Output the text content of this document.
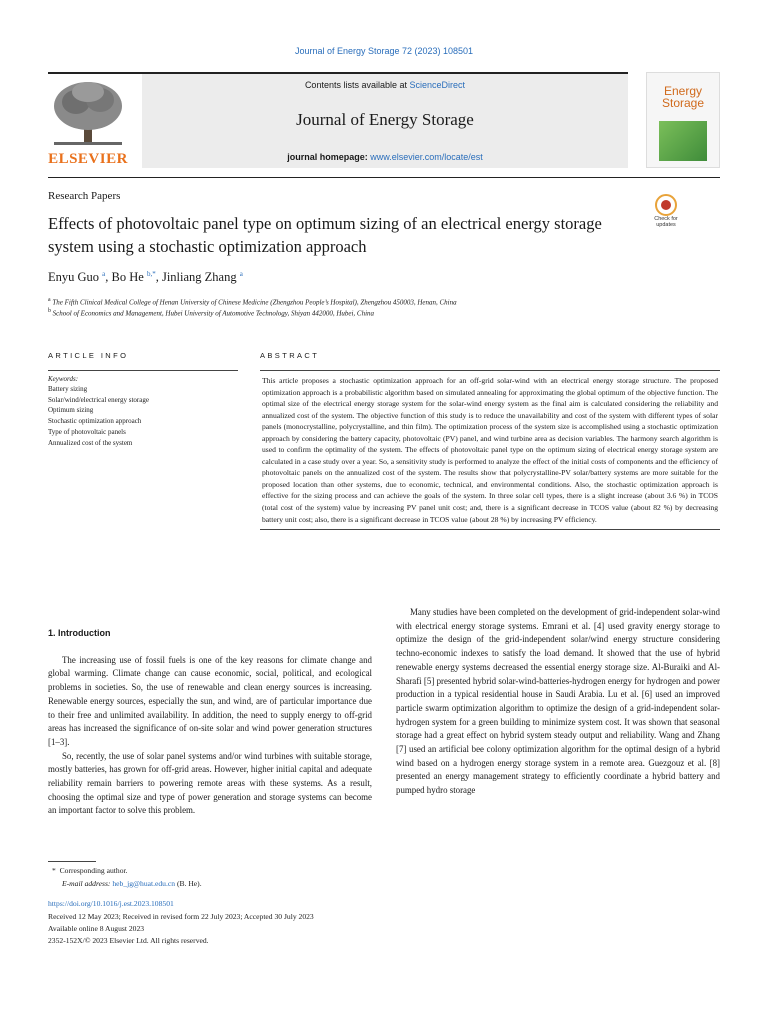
Journal of Energy Storage 72 (2023) 108501
ELSEVIER
Contents lists available at ScienceDirect
Journal of Energy Storage
journal homepage: www.elsevier.com/locate/est
Energy
Storage
Research Papers
Effects of photovoltaic panel type on optimum sizing of an electrical energy storage system using a stochastic optimization approach
Check for updates
Enyu Guo $^a$, Bo He $^{b,*}$, Jinliang Zhang $^a$
$^a$ The Fifth Clinical Medical College of Henan University of Chinese Medicine (Zhengzhou People’s Hospital), Zhengzhou 450003, Henan, China
$^b$ School of Economics and Management, Hubei University of Automotive Technology, Shiyan 442000, Hubei, China
ARTICLE INFO	ABSTRACT
Keywords:
Battery sizing
Solar/wind/electrical energy storage
Optimum sizing
Stochastic optimization approach
Type of photovoltaic panels
Annualized cost of the system
This article proposes a stochastic optimization approach for an off-grid solar-wind with an electrical energy storage structure. The proposed optimization approach is a probabilistic algorithm based on simulated annealing for approximating the global optimum of the objective function. The optimal size of the electrical energy storage system for the solar-wind energy system as the final aim is calculated considering the reliability and annualized cost of the system. The objective function of this study is to reduce the unavailability and cost of the system with different types of solar panels (monocrystalline, polycrystalline, and thin film). The optimization process of the system size is accomplished using a stochastic optimization approach by considering the battery capacity, photovoltaic (PV) panel, and wind turbine area as decision variables. The harmony search algorithm is used to confirm the optimality of the system. The effects of photovoltaic panel type on the optimum sizing of electrical energy storage system are calculated in a case study over a year. So, a sensitivity study is performed to analyze the effect of the initial costs of components and the efficiency of photovoltaic panels on the annualized cost of the system. The results show that polycrystalline-PV solar/battery systems are more suitable for the proposed location than other systems, due to economic, technical, and environmental conditions. Also, the stochastic optimization approach is effective for the sizing process and can achieve the goals of the system. In three solar cell types, there is a slight increase (about 3.6 %) in TCOS (total cost of the system) value by increasing PV panel unit cost; and, there is a significant decrease in TCOS value (about 82 %) by decreasing battery unit cost; also, there is a significant decrease in TCOS value (about 28 %) by increasing PV efficiency.
1. Introduction

The increasing use of fossil fuels is one of the key reasons for climate change and global warming. Climate change can cause economic, social, political, and ecological problems in societies. So, the use of renewable and clean energy sources is increasing. Renewable energy sources, especially the sun, and wind, are of particular importance due to their free and unlimited availability. In addition, the need to supply energy to off-grid areas has increased the significance of on-site solar and wind power generation structures [1–3].

So, recently, the use of solar panel systems and/or wind turbines with suitable storage, mostly batteries, has grown for off-grid areas. However, higher initial capital and adequate reliability remain barriers to powering remote areas with these systems. As a result, choosing the optimal size and type of power generation and storage systems can become an important factor to solve this problem.

Many studies have been completed on the development of grid-independent solar-wind with electrical energy storage systems. Emrani et al. [4] used gravity energy storage to optimize the design of the grid-independent solar/wind energy structure considering techno-economic indexes to satisfy the load demand. It showed that the use of hybrid renewable energy systems decreased the essential energy storage size. Al-Buraiki and Al-Sharafi [5] presented hybrid solar-wind-batteries-hydrogen energy for hydrogen and power production in a typical residential house in Saudi Arabia. Lu et al. [6] used an improved particle swarm optimization algorithm to optimize the design of a grid-independent solar-hydrogen system for a green building to minimize system cost. It was shown that seasonal storage had a great effect on hybrid system steady output and reliability. Wang and Zhang [7] used an artificial bee colony optimization algorithm for the optimal design of a hybrid wind based on a hydrogen energy storage system in a remote area. Guezgouz et al. [8] presented an energy management strategy to efficiently coordinate a hybrid battery and pumped hydro storage

* Corresponding author.
E-mail address: heb_jg@huat.edu.cn (B. He).
https://doi.org/10.1016/j.est.2023.108501
Received 12 May 2023; Received in revised form 22 July 2023; Accepted 30 July 2023
Available online 8 August 2023
2352-152X/© 2023 Elsevier Ltd. All rights reserved.
